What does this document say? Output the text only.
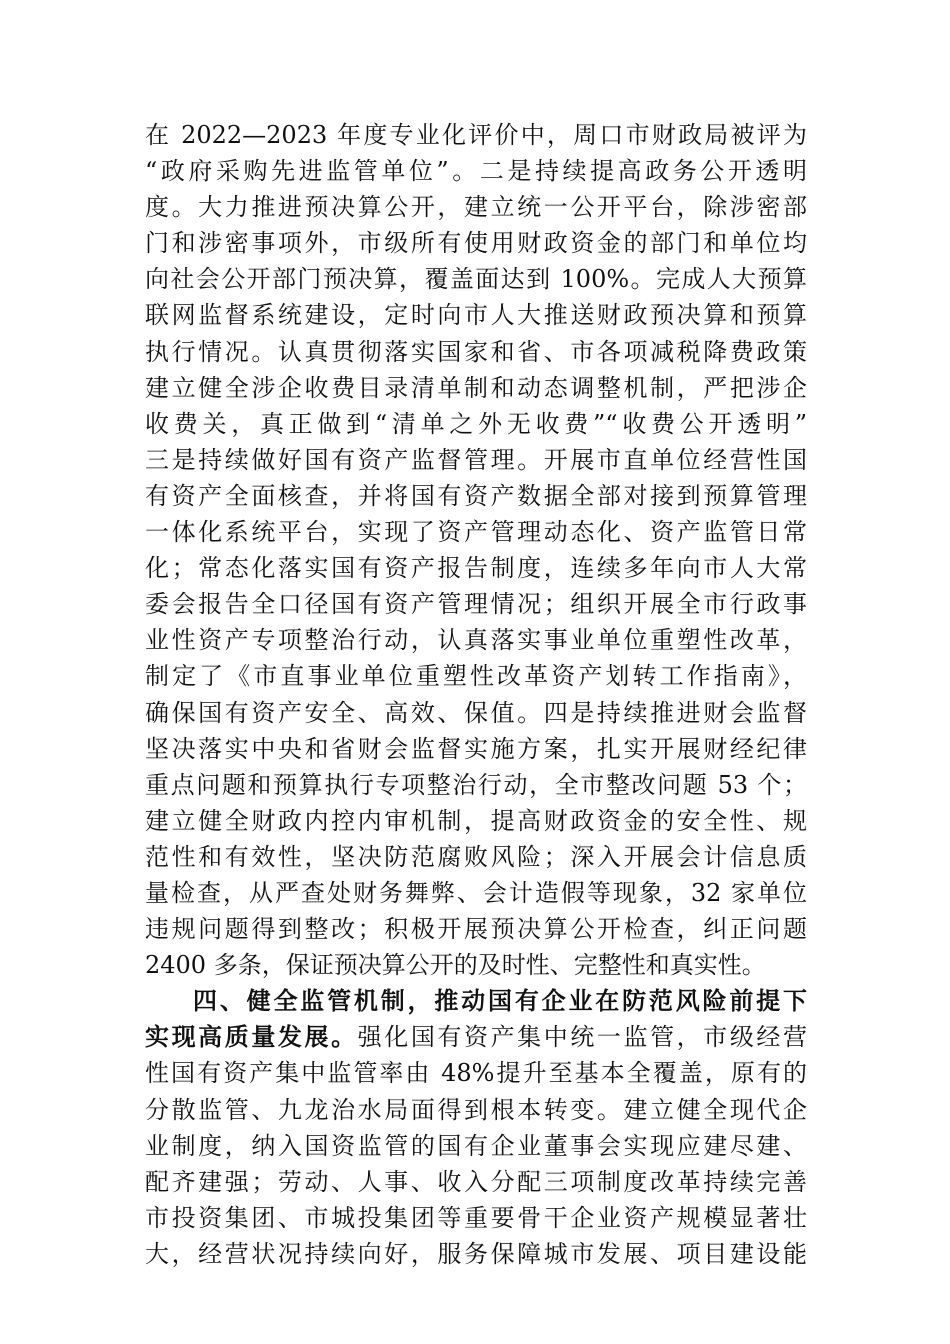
在 2022—2023 年度专业化评价中，周口市财政局被评为
“政府采购先进监管单位”。二是持续提高政务公开透明
度。大力推进预决算公开，建立统一公开平台，除涉密部
门和涉密事项外，市级所有使用财政资金的部门和单位均
向社会公开部门预决算，覆盖面达到 100%。完成人大预算
联网监督系统建设，定时向市人大推送财政预决算和预算
执行情况。认真贯彻落实国家和省、市各项减税降费政策
建立健全涉企收费目录清单制和动态调整机制，严把涉企
收费关，真正做到“清单之外无收费”“收费公开透明”
三是持续做好国有资产监督管理。开展市直单位经营性国
有资产全面核查，并将国有资产数据全部对接到预算管理
一体化系统平台，实现了资产管理动态化、资产监管日常
化；常态化落实国有资产报告制度，连续多年向市人大常
委会报告全口径国有资产管理情况；组织开展全市行政事
业性资产专项整治行动，认真落实事业单位重塑性改革，
制定了《市直事业单位重塑性改革资产划转工作指南》，
确保国有资产安全、高效、保值。四是持续推进财会监督
坚决落实中央和省财会监督实施方案，扎实开展财经纪律
重点问题和预算执行专项整治行动，全市整改问题 53 个；
建立健全财政内控内审机制，提高财政资金的安全性、规
范性和有效性，坚决防范腐败风险；深入开展会计信息质
量检查，从严查处财务舞弊、会计造假等现象，32 家单位
违规问题得到整改；积极开展预决算公开检查，纠正问题
2400 多条，保证预决算公开的及时性、完整性和真实性。
四、健全监管机制，推动国有企业在防范风险前提下
实现高质量发展。强化国有资产集中统一监管，市级经营
性国有资产集中监管率由 48%提升至基本全覆盖，原有的
分散监管、九龙治水局面得到根本转变。建立健全现代企
业制度，纳入国资监管的国有企业董事会实现应建尽建、
配齐建强；劳动、人事、收入分配三项制度改革持续完善
市投资集团、市城投集团等重要骨干企业资产规模显著壮
大，经营状况持续向好，服务保障城市发展、项目建设能
